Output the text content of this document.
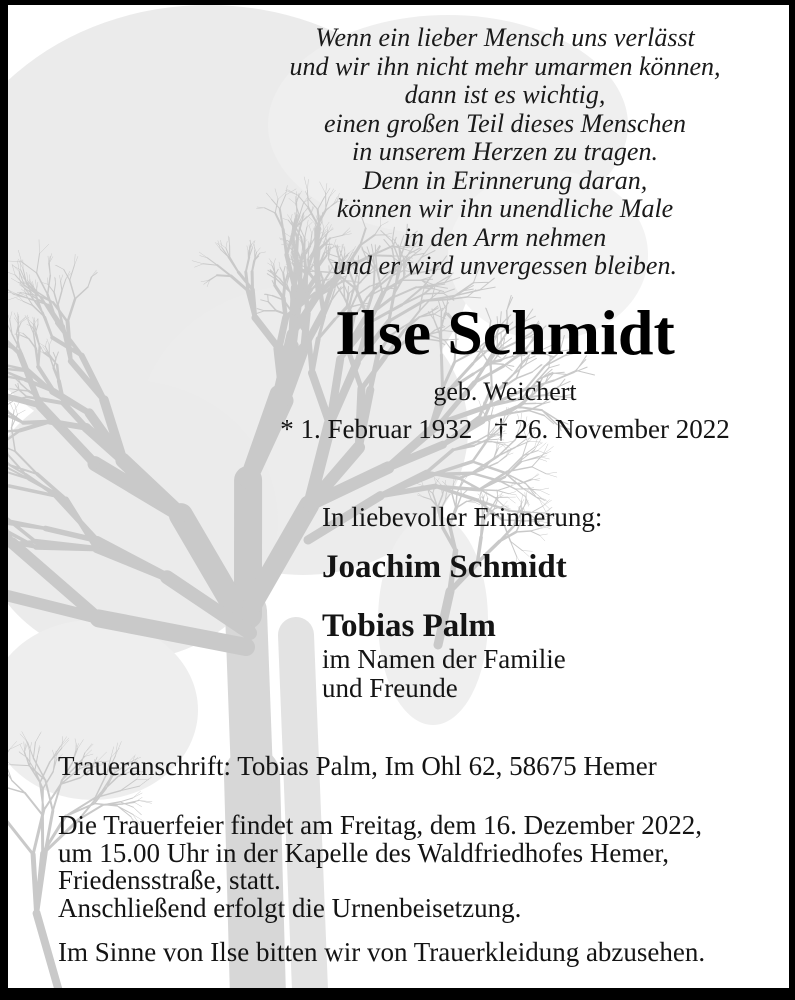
Wenn ein lieber Mensch uns verlässt
und wir ihn nicht mehr umarmen können,
dann ist es wichtig,
einen großen Teil dieses Menschen
in unserem Herzen zu tragen.
Denn in Erinnerung daran,
können wir ihn unendliche Male
in den Arm nehmen
und er wird unvergessen bleiben.
Ilse Schmidt
geb. Weichert
* 1. Februar 1932 † 26. November 2022
In liebevoller Erinnerung:
Joachim Schmidt
Tobias Palm
im Namen der Familie
und Freunde
Traueranschrift: Tobias Palm, Im Ohl 62, 58675 Hemer
Die Trauerfeier findet am Freitag, dem 16. Dezember 2022,
um 15.00 Uhr in der Kapelle des Waldfriedhofes Hemer,
Friedensstraße, statt.
Anschließend erfolgt die Urnenbeisetzung.
Im Sinne von Ilse bitten wir von Trauerkleidung abzusehen.
